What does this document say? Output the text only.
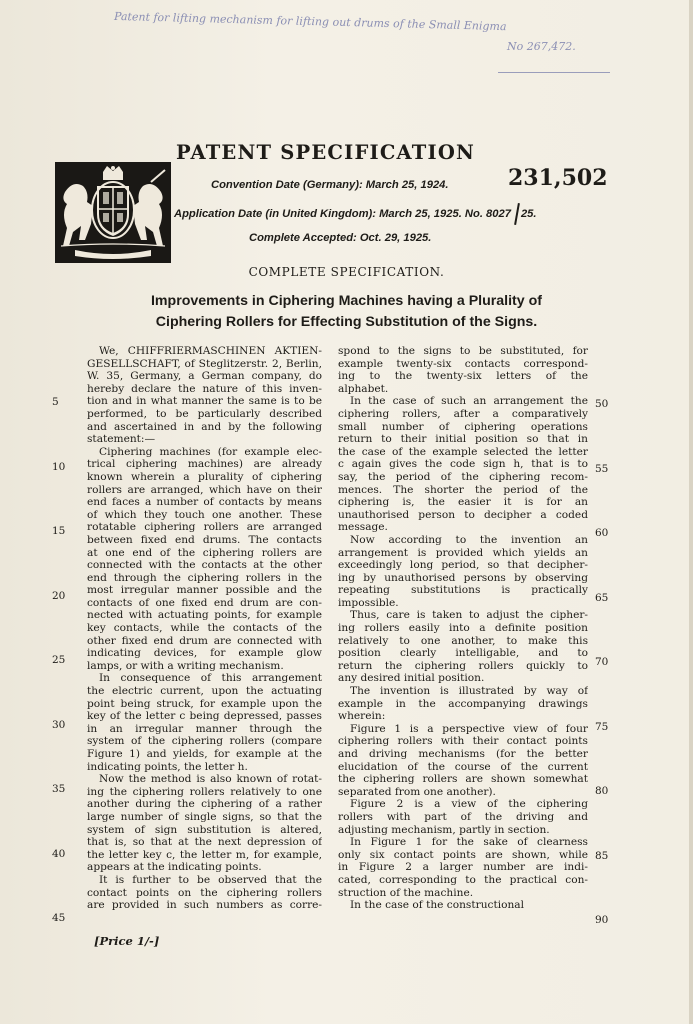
Patent for lifting mechanism for lifting out drums of the Small Enigma
No 267,472.
PATENT SPECIFICATION
231,502
Convention Date (Germany): March 25, 1924.
Application Date (in United Kingdom): March 25, 1925. No. 8027 25.
Complete Accepted: Oct. 29, 1925.
COMPLETE SPECIFICATION.
Improvements in Ciphering Machines having a Plurality of
Ciphering Rollers for Effecting Substitution of the Signs.
We, CHIFFRIERMASCHINEN AKTIEN-
GESELLSCHAFT, of Steglitzerstr. 2, Berlin,
W. 35, Germany, a German company, do
hereby declare the nature of this inven-
tion and in what manner the same is to be
performed, to be particularly described
and ascertained in and by the following
statement:—
Ciphering machines (for example elec-
trical ciphering machines) are already
known wherein a plurality of ciphering
rollers are arranged, which have on their
end faces a number of contacts by means
of which they touch one another. These
rotatable ciphering rollers are arranged
between fixed end drums. The contacts
at one end of the ciphering rollers are
connected with the contacts at the other
end through the ciphering rollers in the
most irregular manner possible and the
contacts of one fixed end drum are con-
nected with actuating points, for example
key contacts, while the contacts of the
other fixed end drum are connected with
indicating devices, for example glow
lamps, or with a writing mechanism.
In consequence of this arrangement
the electric current, upon the actuating
point being struck, for example upon the
key of the letter c being depressed, passes
in an irregular manner through the
system of the ciphering rollers (compare
Figure 1) and yields, for example at the
indicating points, the letter h.
Now the method is also known of rotat-
ing the ciphering rollers relatively to one
another during the ciphering of a rather
large number of single signs, so that the
system of sign substitution is altered,
that is, so that at the next depression of
the letter key c, the letter m, for example,
appears at the indicating points.
It is further to be observed that the
contact points on the ciphering rollers
are provided in such numbers as corre-
spond to the signs to be substituted, for
example twenty-six contacts correspond-
ing to the twenty-six letters of the
alphabet.
In the case of such an arrangement the
ciphering rollers, after a comparatively
small number of ciphering operations
return to their initial position so that in
the case of the example selected the letter
c again gives the code sign h, that is to
say, the period of the ciphering recom-
mences. The shorter the period of the
ciphering is, the easier it is for an
unauthorised person to decipher a coded
message.
Now according to the invention an
arrangement is provided which yields an
exceedingly long period, so that decipher-
ing by unauthorised persons by observing
repeating substitutions is practically
impossible.
Thus, care is taken to adjust the cipher-
ing rollers easily into a definite position
relatively to one another, to make this
position clearly intelligable, and to
return the ciphering rollers quickly to
any desired initial position.
The invention is illustrated by way of
example in the accompanying drawings
wherein:
Figure 1 is a perspective view of four
ciphering rollers with their contact points
and driving mechanisms (for the better
elucidation of the course of the current
the ciphering rollers are shown somewhat
separated from one another).
Figure 2 is a view of the ciphering
rollers with part of the driving and
adjusting mechanism, partly in section.
In Figure 1 for the sake of clearness
only six contact points are shown, while
in Figure 2 a larger number are indi-
cated, corresponding to the practical con-
struction of the machine.
In the case of the constructional
5
10
15
20
25
30
35
40
45
50
55
60
65
70
75
80
85
90
[Price 1/-]
